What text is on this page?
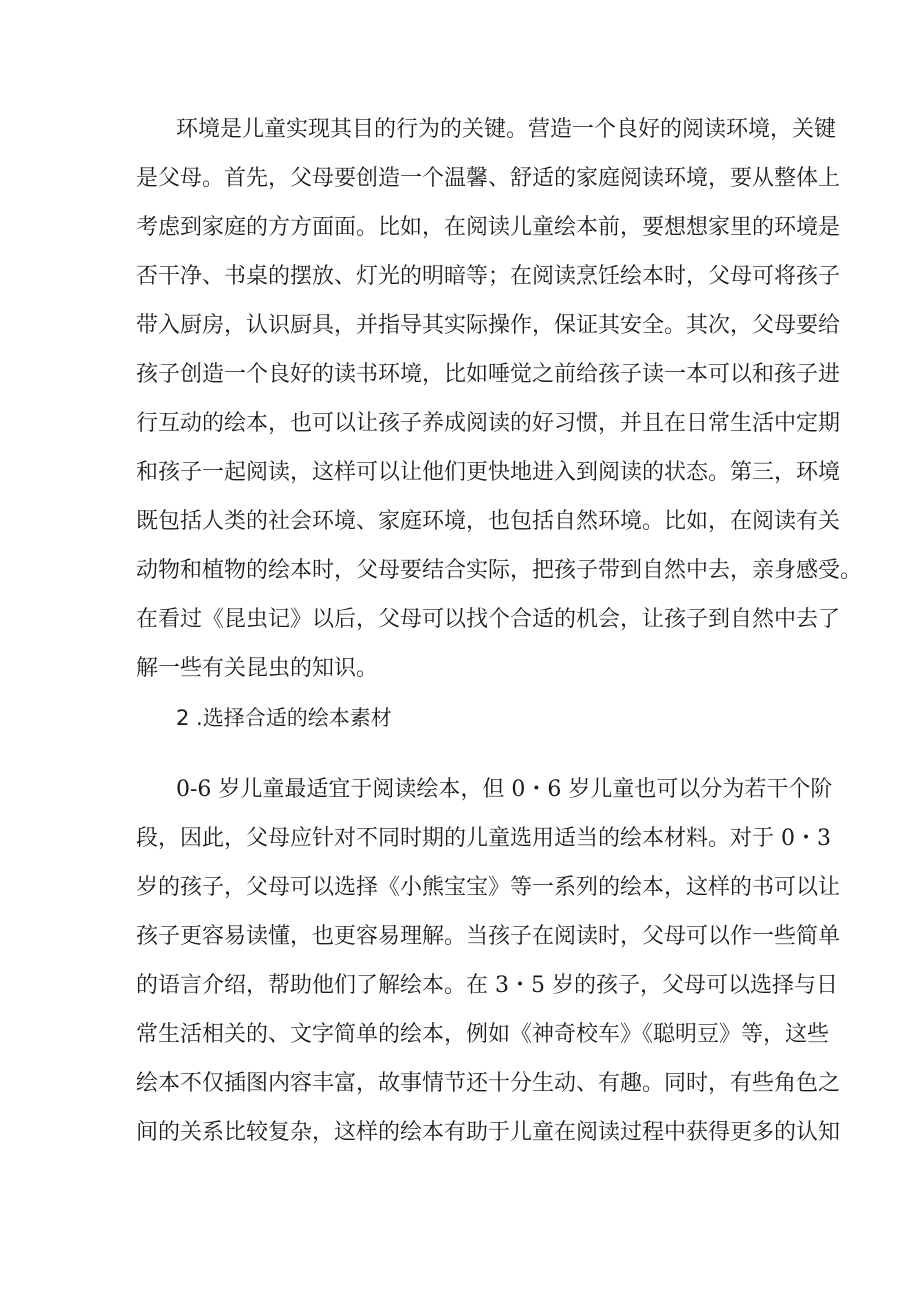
环境是儿童实现其目的行为的关键。营造一个良好的阅读环境，关键
是父母。首先，父母要创造一个温馨、舒适的家庭阅读环境，要从整体上
考虑到家庭的方方面面。比如，在阅读儿童绘本前，要想想家里的环境是
否干净、书桌的摆放、灯光的明暗等；在阅读烹饪绘本时，父母可将孩子
带入厨房，认识厨具，并指导其实际操作，保证其安全。其次，父母要给
孩子创造一个良好的读书环境，比如唾觉之前给孩子读一本可以和孩子进
行互动的绘本，也可以让孩子养成阅读的好习惯，并且在日常生活中定期
和孩子一起阅读，这样可以让他们更快地进入到阅读的状态。第三，环境
既包括人类的社会环境、家庭环境，也包括自然环境。比如，在阅读有关
动物和植物的绘本时，父母要结合实际，把孩子带到自然中去，亲身感受。
在看过《昆虫记》以后，父母可以找个合适的机会，让孩子到自然中去了
解一些有关昆虫的知识。
2 .选择合适的绘本素材
0-6 岁儿童最适宜于阅读绘本，但 0・6 岁儿童也可以分为若干个阶
段，因此，父母应针对不同时期的儿童选用适当的绘本材料。对于 0・3
岁的孩子，父母可以选择《小熊宝宝》等一系列的绘本，这样的书可以让
孩子更容易读懂，也更容易理解。当孩子在阅读时，父母可以作一些简单
的语言介绍，帮助他们了解绘本。在 3・5 岁的孩子，父母可以选择与日
常生活相关的、文字简单的绘本，例如《神奇校车》《聪明豆》等，这些
绘本不仅插图内容丰富，故事情节还十分生动、有趣。同时，有些角色之
间的关系比较复杂，这样的绘本有助于儿童在阅读过程中获得更多的认知
